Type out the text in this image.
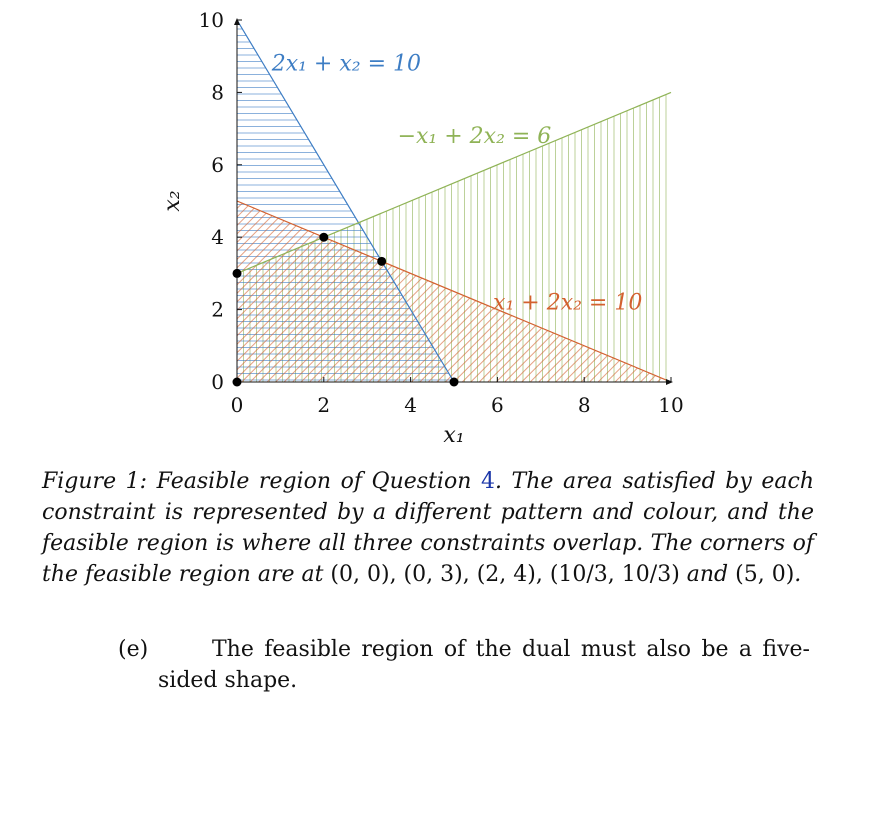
0	2	4	6	8	10
0
2
4
6
8
10
x₁
x₂
2x₁ + x₂ = 10
−x₁ + 2x₂ = 6
x₁ + 2x₂ = 10
Figure 1: Feasible region of Question 4. The area satisfied by each constraint is represented by a different pattern and colour, and the feasible region is where all three constraints overlap. The corners of the feasible region are at (0, 0), (0, 3), (2, 4), (10/3, 10/3) and (5, 0).
(e)	The feasible region of the dual must also be a five-sided shape.
